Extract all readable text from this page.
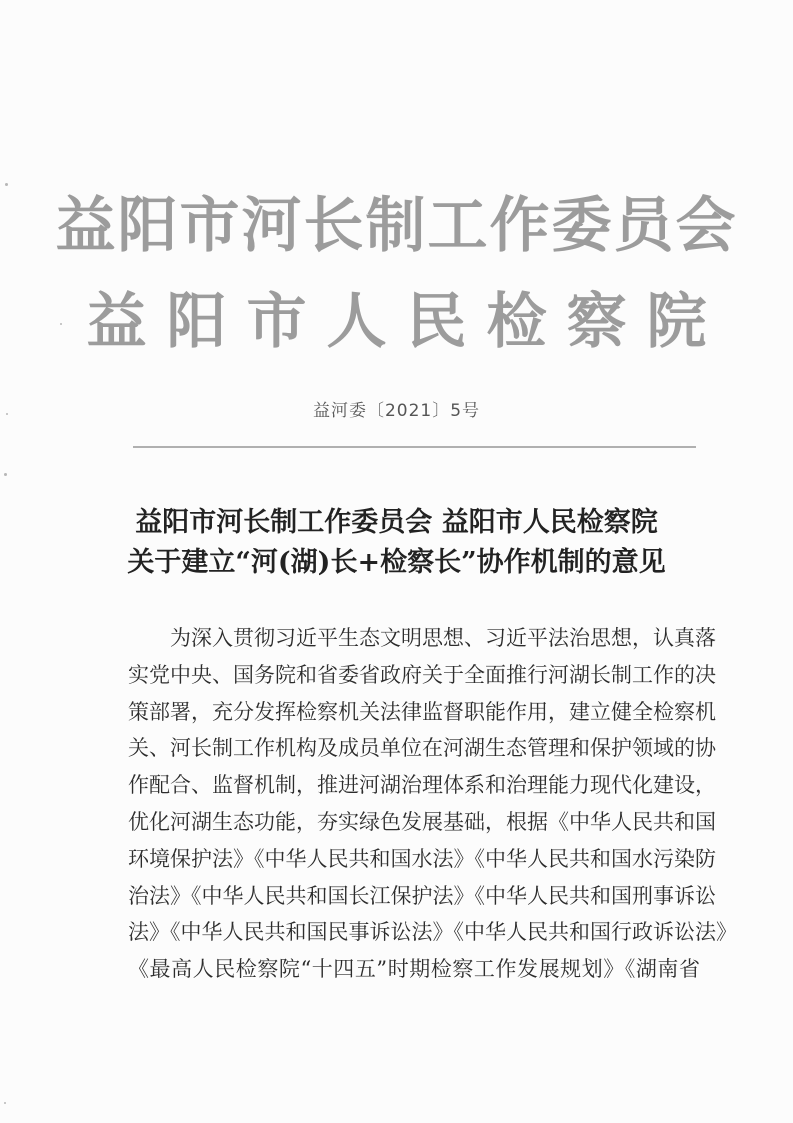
益阳市河长制工作委员会
益阳市人民检察院
益河委〔2021〕5号
益阳市河长制工作委员会 益阳市人民检察院
关于建立“河(湖)长+检察长”协作机制的意见
为深入贯彻习近平生态文明思想、习近平法治思想，认真落
实党中央、国务院和省委省政府关于全面推行河湖长制工作的决
策部署，充分发挥检察机关法律监督职能作用，建立健全检察机
关、河长制工作机构及成员单位在河湖生态管理和保护领域的协
作配合、监督机制，推进河湖治理体系和治理能力现代化建设，
优化河湖生态功能，夯实绿色发展基础，根据《中华人民共和国
环境保护法》《中华人民共和国水法》《中华人民共和国水污染防
治法》《中华人民共和国长江保护法》《中华人民共和国刑事诉讼
法》《中华人民共和国民事诉讼法》《中华人民共和国行政诉讼法》
《最高人民检察院“十四五”时期检察工作发展规划》《湖南省
